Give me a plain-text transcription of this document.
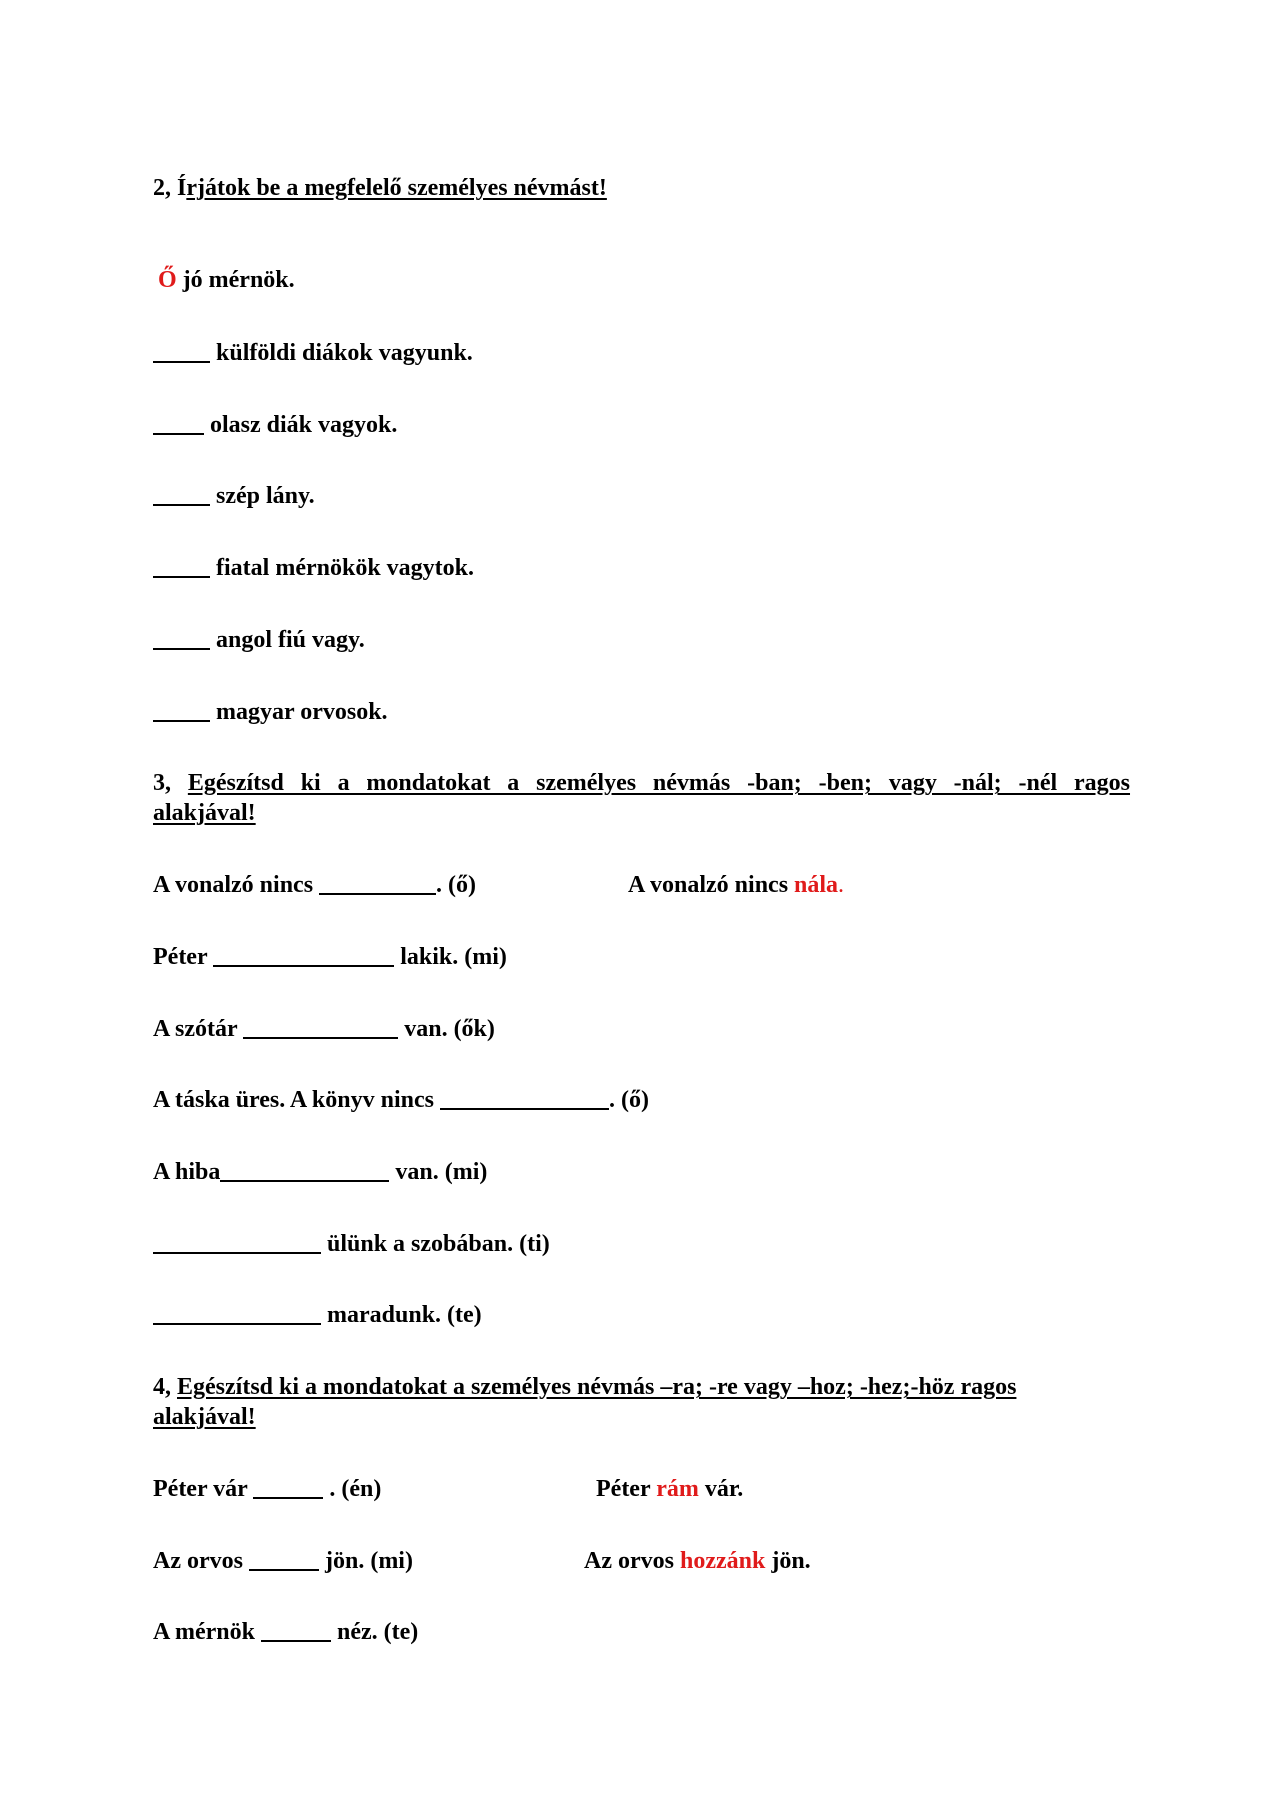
2, Írjátok be a megfelelő személyes névmást!
Ő jó mérnök.
külföldi diákok vagyunk.
olasz diák vagyok.
szép lány.
fiatal mérnökök vagytok.
angol fiú vagy.
magyar orvosok.
3, Egészítsd ki a mondatokat a személyes névmás -ban; -ben; vagy -nál; -nél ragos
alakjával!
A vonalzó nincs	. (ő)	A vonalzó nincs nála.
Péter	lakik. (mi)
A szótár	van. (ők)
A táska üres. A könyv nincs	. (ő)
A hiba	van. (mi)
ülünk a szobában. (ti)
maradunk. (te)
4, Egészítsd ki a mondatokat a személyes névmás –ra; -re vagy –hoz; -hez;-höz ragos
alakjával!
Péter vár	. (én)	Péter rám vár.
Az orvos	jön. (mi)	Az orvos hozzánk jön.
A mérnök	néz. (te)
